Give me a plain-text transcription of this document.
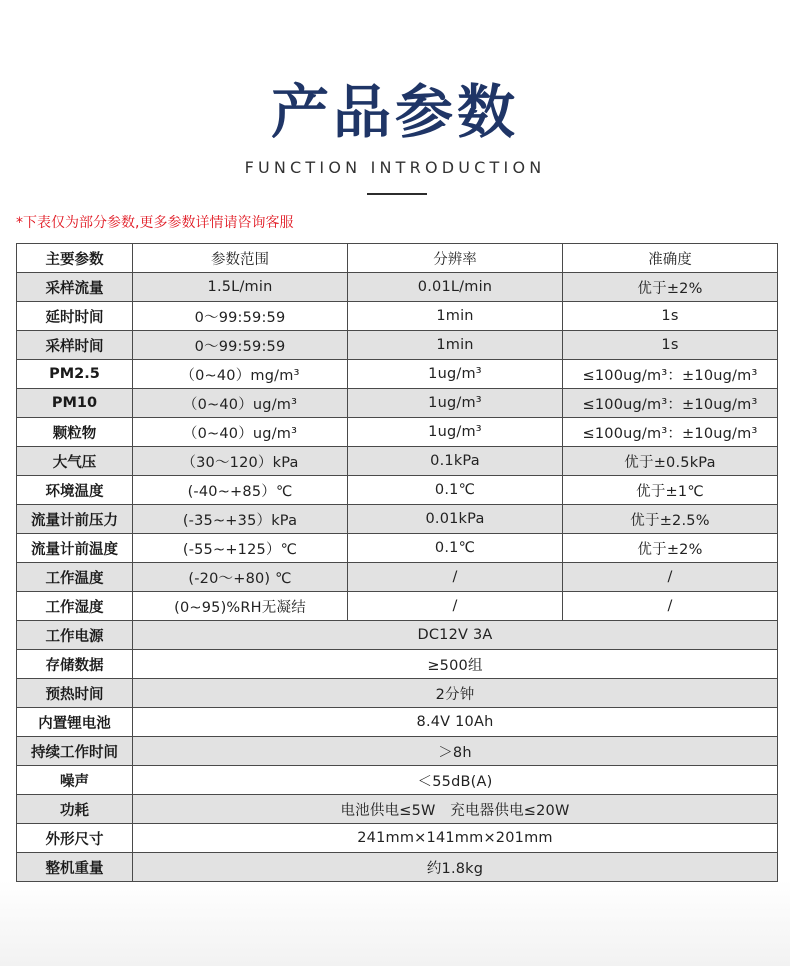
产品参数
FUNCTION INTRODUCTION
*下表仅为部分参数,更多参数详情请咨询客服
主要参数	参数范围	分辨率	准确度
采样流量	1.5L/min	0.01L/min	优于±2%
延时时间	0～99:59:59	1min	1s
采样时间	0～99:59:59	1min	1s
PM2.5	（0~40）mg/m³	1ug/m³	≤100ug/m³：±10ug/m³
PM10	（0~40）ug/m³	1ug/m³	≤100ug/m³：±10ug/m³
颗粒物	（0~40）ug/m³	1ug/m³	≤100ug/m³：±10ug/m³
大气压	（30～120）kPa	0.1kPa	优于±0.5kPa
环境温度	(-40~+85）℃	0.1℃	优于±1℃
流量计前压力	(-35~+35）kPa	0.01kPa	优于±2.5%
流量计前温度	(-55~+125）℃	0.1℃	优于±2%
工作温度	(-20～+80) ℃	/	/
工作湿度	(0~95)%RH无凝结	/	/
工作电源	DC12V 3A		
存储数据	≥500组		
预热时间	2分钟		
内置锂电池	8.4V 10Ah		
持续工作时间	＞8h		
噪声	＜55dB(A)		
功耗	电池供电≤5W　充电器供电≤20W		
外形尺寸	241mm×141mm×201mm		
整机重量	约1.8kg		
